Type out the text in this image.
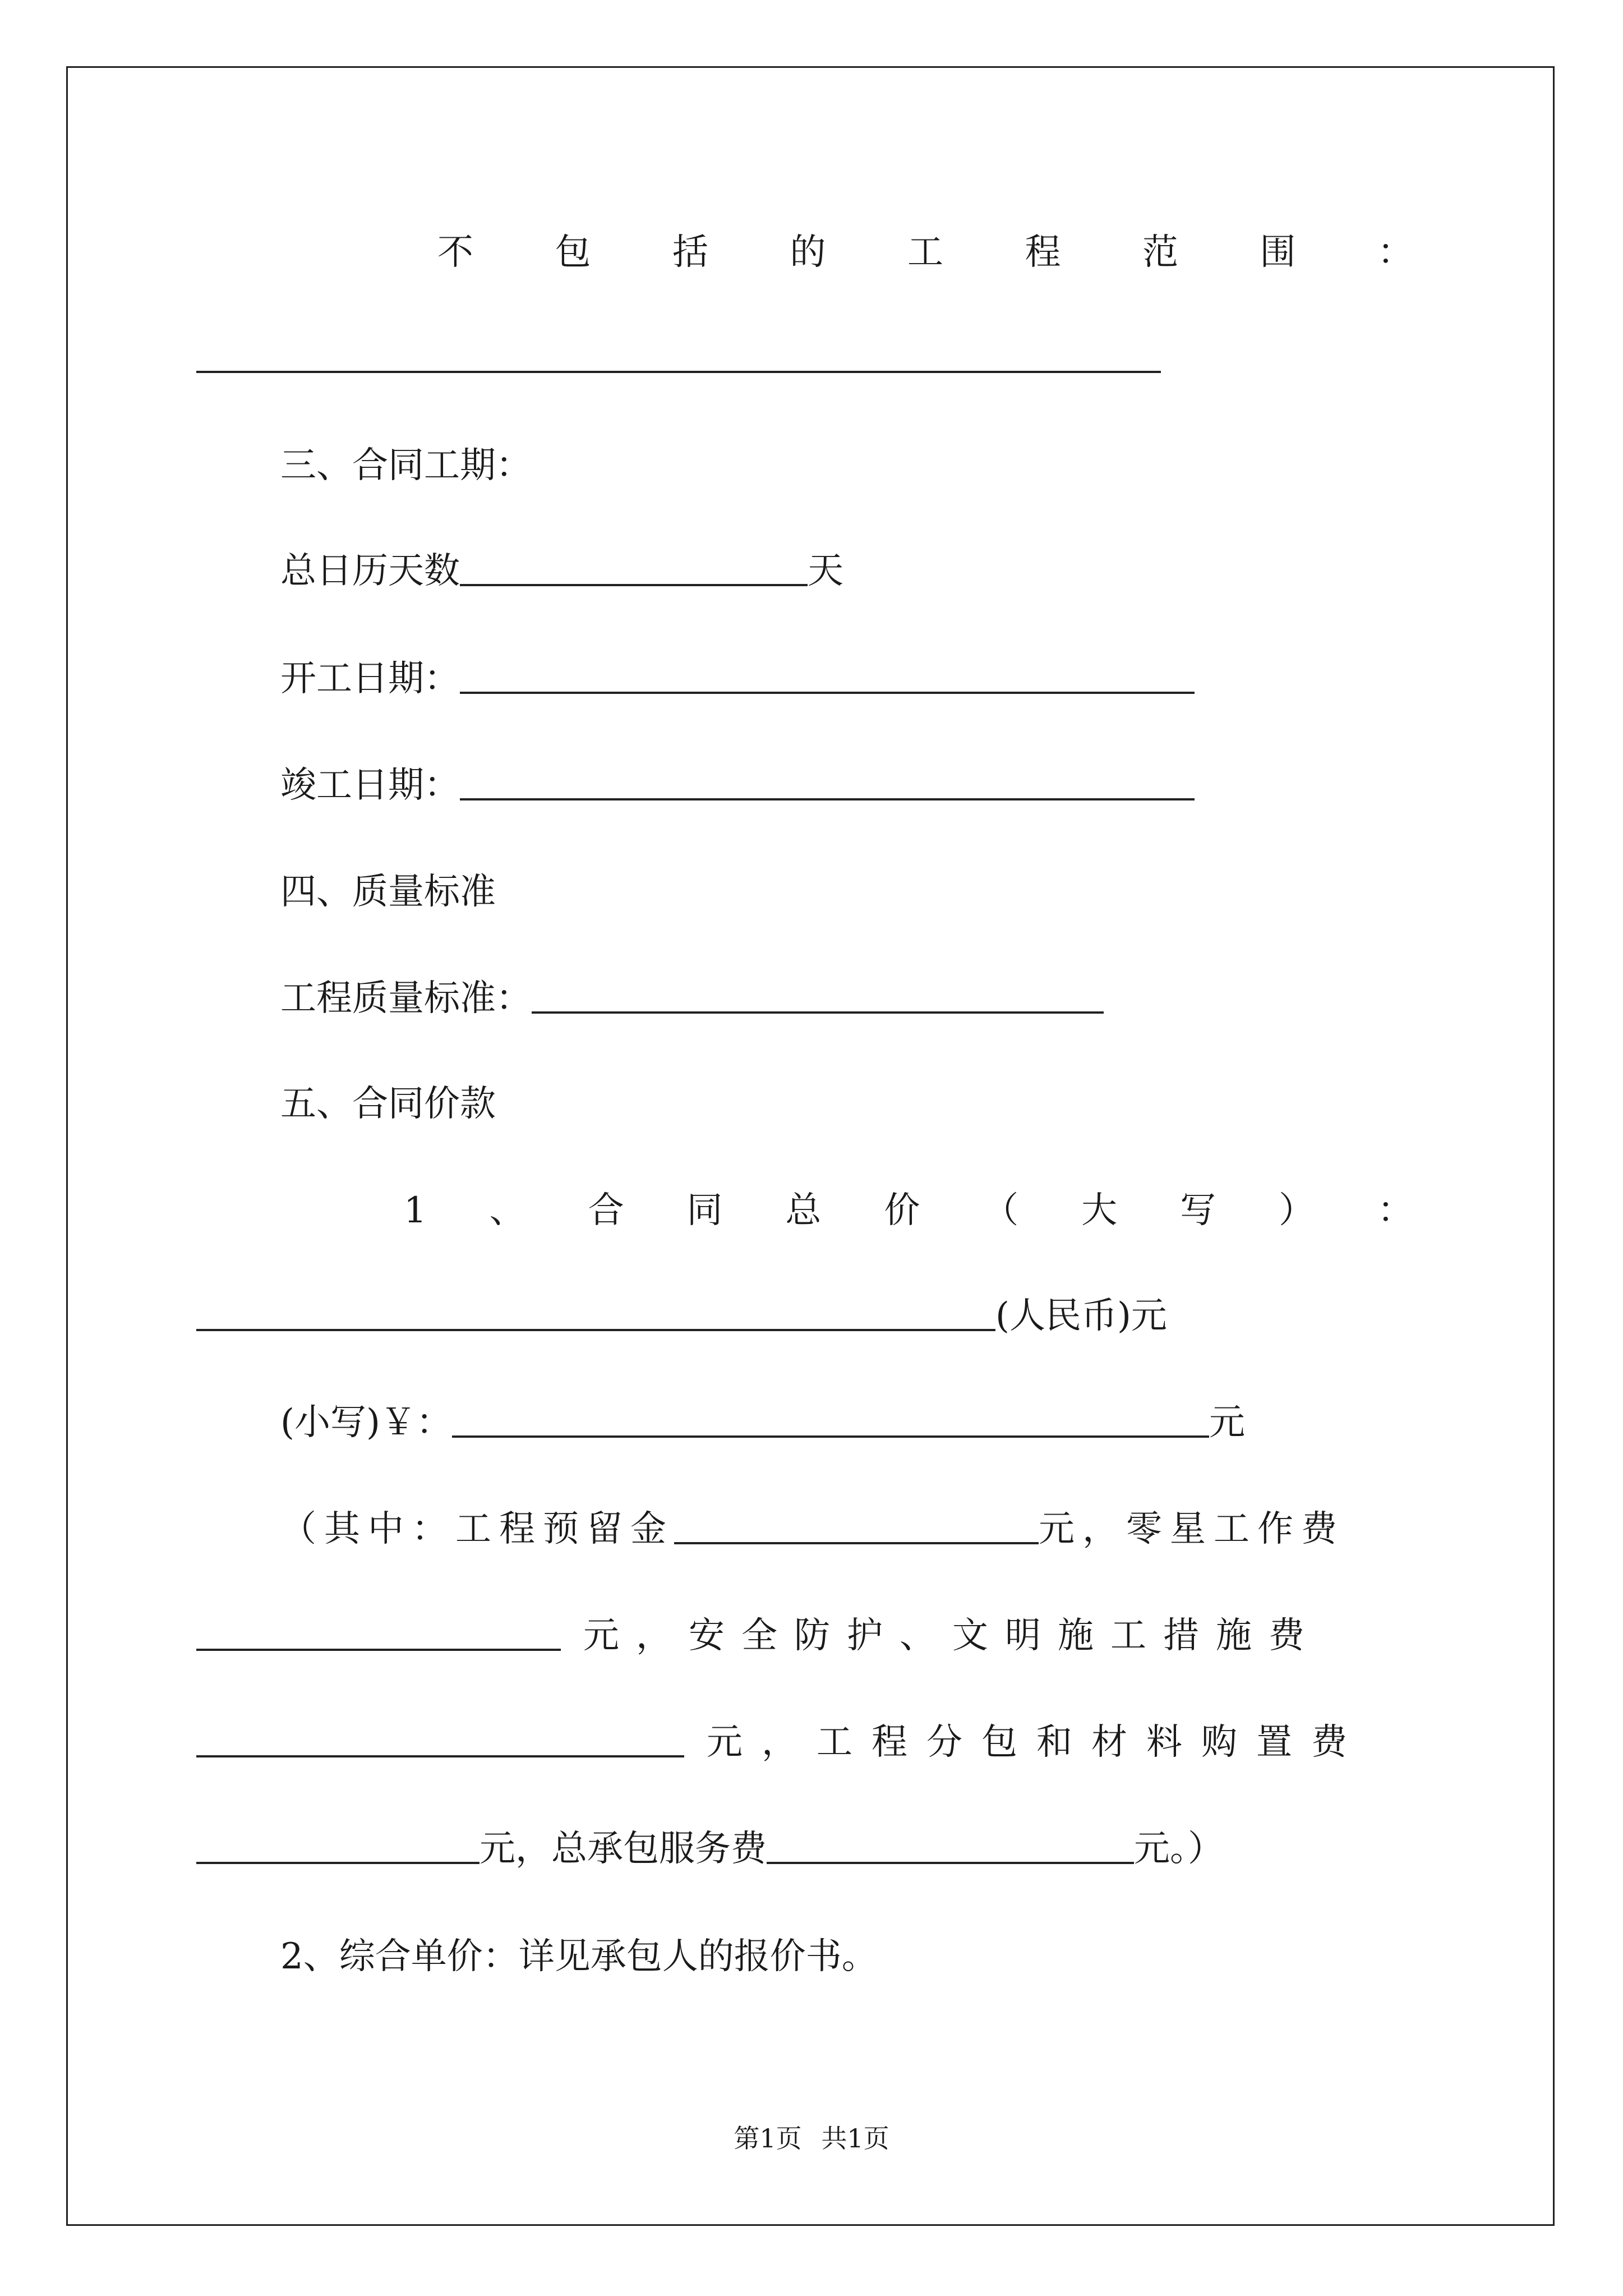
不 包 括 的 工 程 范 围 ：
三、合同工期：
总日历天数	天
开工日期：
竣工日期：
四、质量标准
工程质量标准：
五、合同价款
1 、 合 同 总 价 （ 大 写 ） ：
(人民币)元
(小写)￥：	元
（其中：工程预留金	元，零星工作费
元，安全防护、文明施工措施费
元，工程分包和材料购置费
元，总承包服务费	元。）
2、综合单价：详见承包人的报价书。
第1页 共1页
